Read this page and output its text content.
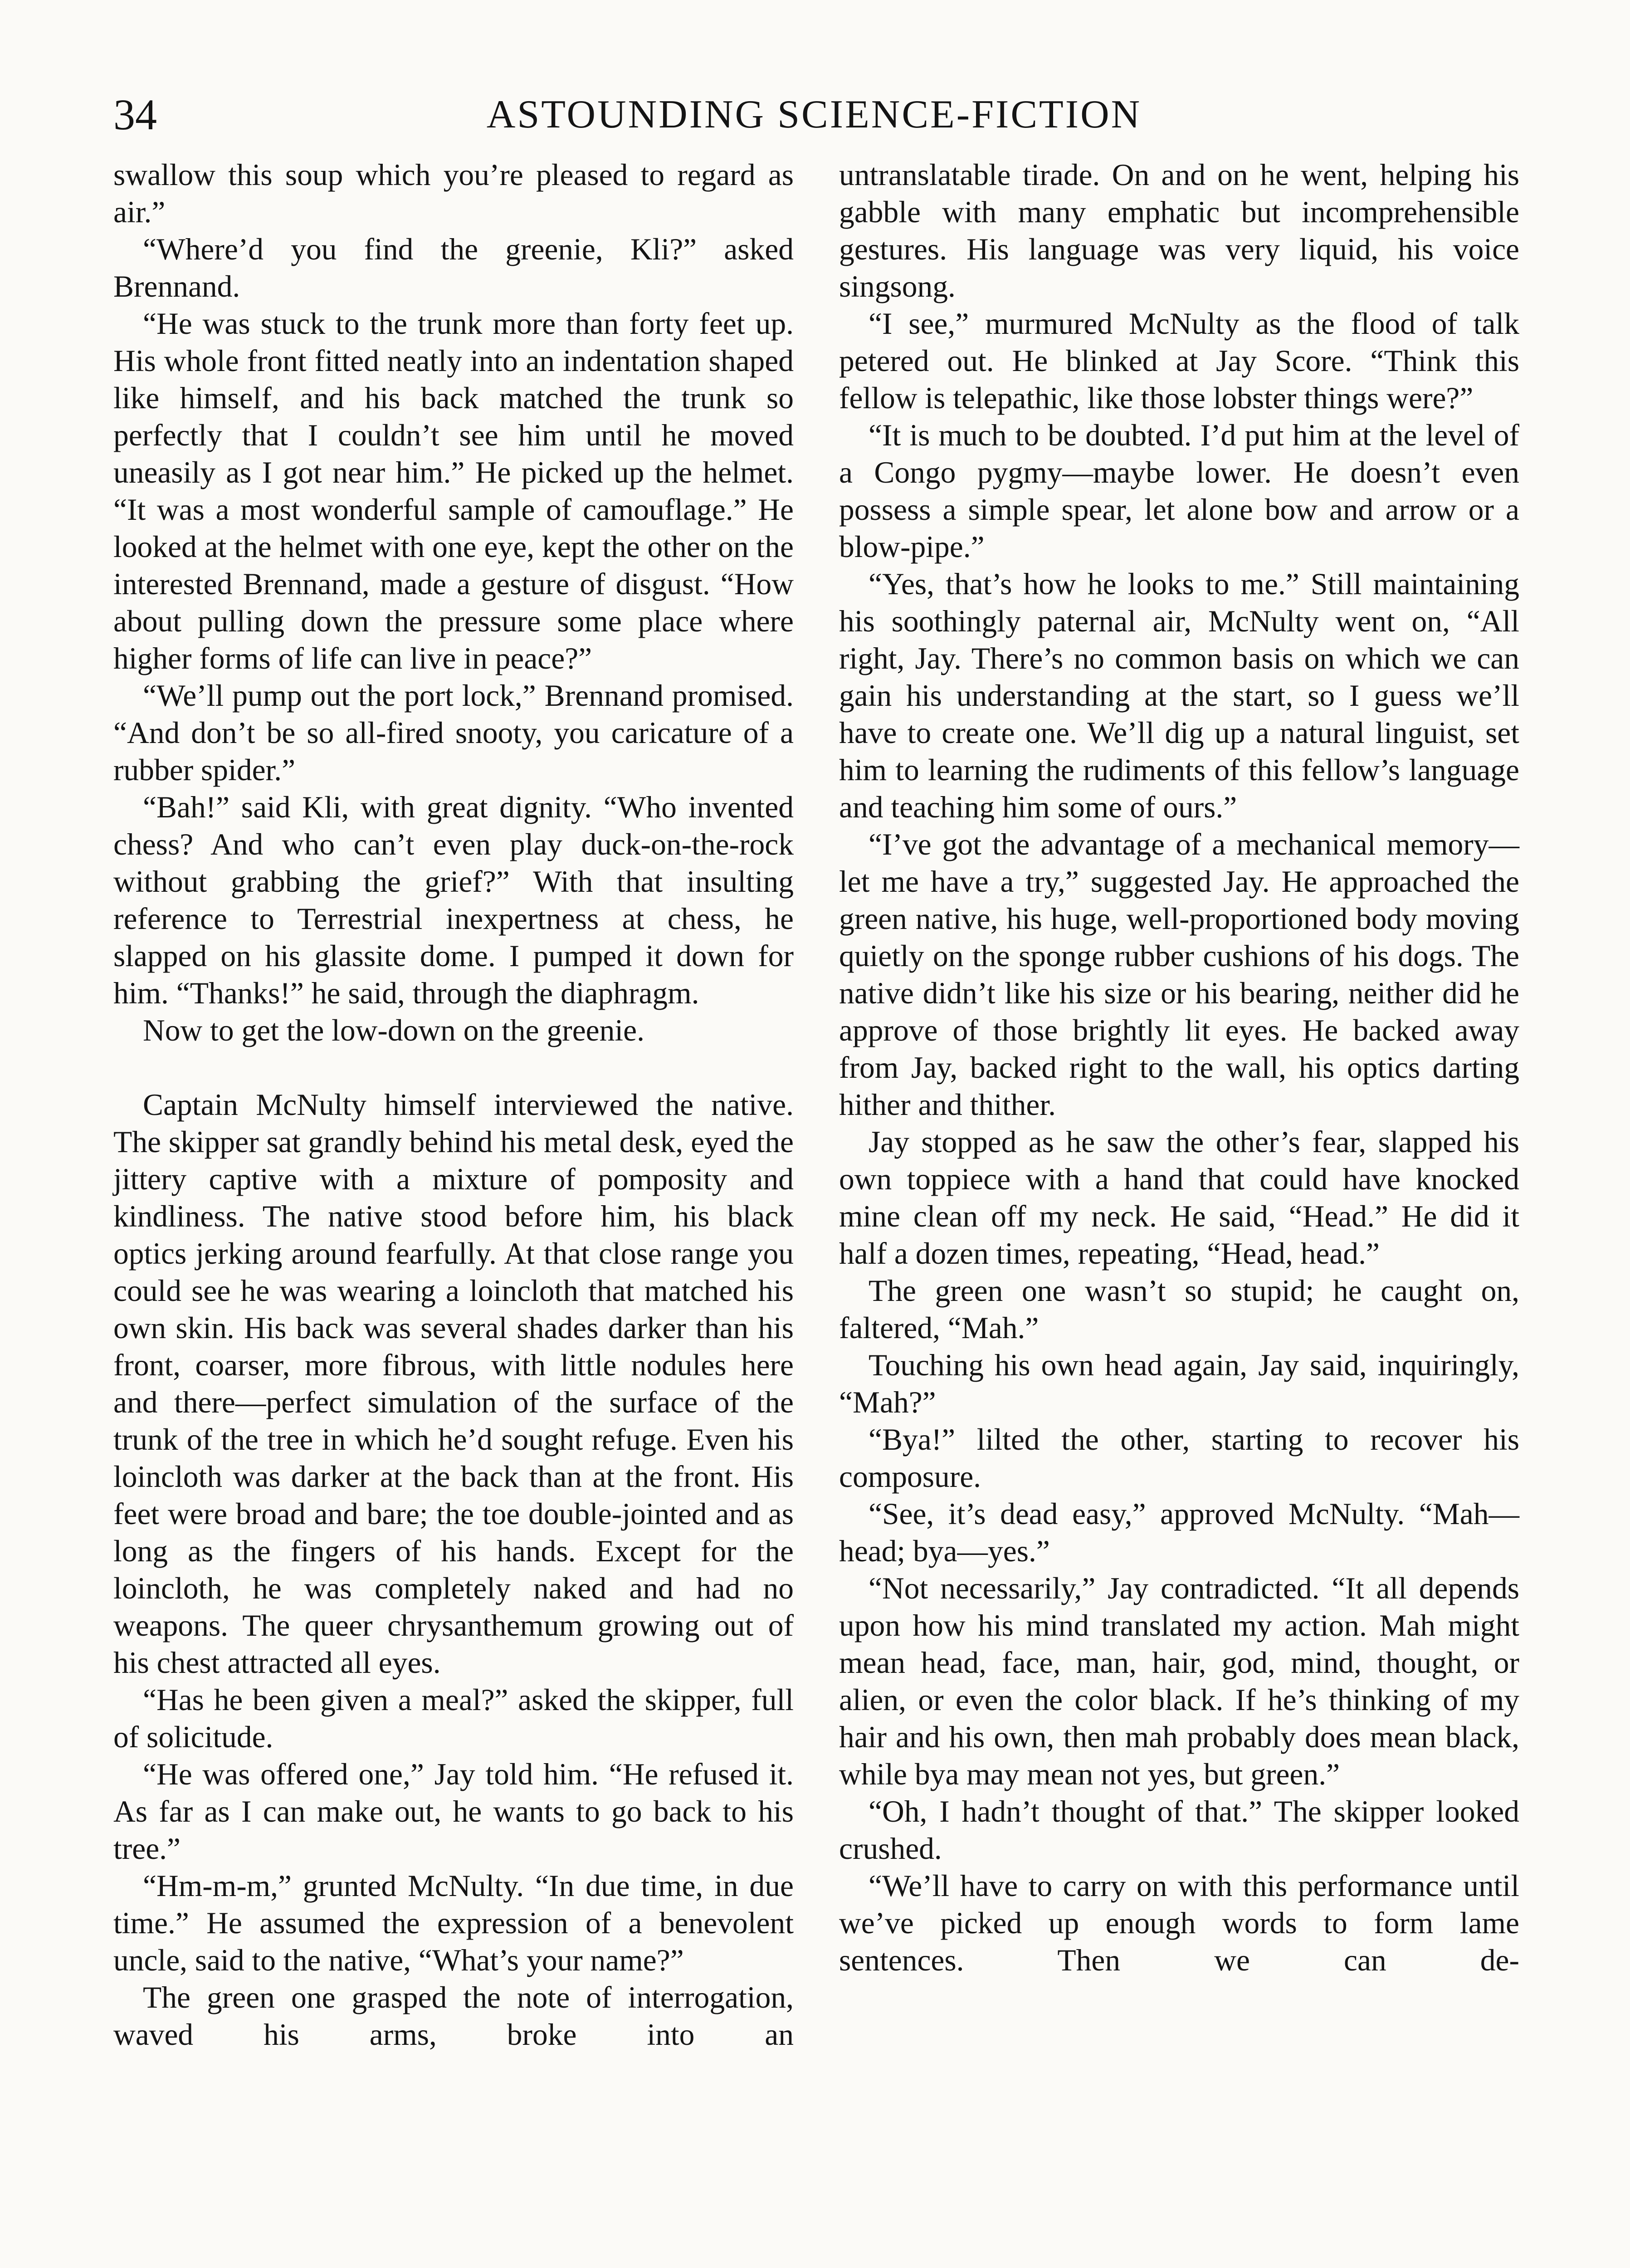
34	ASTOUNDING SCIENCE-FICTION

swallow this soup which you’re pleased to regard as air.”

“Where’d you find the greenie, Kli?” asked Brennand.

“He was stuck to the trunk more than forty feet up. His whole front fitted neatly into an indentation shaped like himself, and his back matched the trunk so perfectly that I couldn’t see him until he moved uneasily as I got near him.” He picked up the helmet. “It was a most wonderful sample of camouflage.” He looked at the helmet with one eye, kept the other on the interested Brennand, made a gesture of disgust. “How about pulling down the pressure some place where higher forms of life can live in peace?”

“We’ll pump out the port lock,” Brennand promised. “And don’t be so all-fired snooty, you caricature of a rubber spider.”

“Bah!” said Kli, with great dignity. “Who invented chess? And who can’t even play duck-on-the-rock without grabbing the grief?” With that insulting reference to Terrestrial inexpertness at chess, he slapped on his glassite dome. I pumped it down for him. “Thanks!” he said, through the diaphragm.

Now to get the low-down on the greenie.

Captain McNulty himself interviewed the native. The skipper sat grandly behind his metal desk, eyed the jittery captive with a mixture of pomposity and kindliness. The native stood before him, his black optics jerking around fearfully. At that close range you could see he was wearing a loincloth that matched his own skin. His back was several shades darker than his front, coarser, more fibrous, with little nodules here and there—perfect simulation of the surface of the trunk of the tree in which he’d sought refuge. Even his loincloth was darker at the back than at the front. His feet were broad and bare; the toe double-jointed and as long as the fingers of his hands. Except for the loincloth, he was completely naked and had no weapons. The queer chrysanthemum growing out of his chest attracted all eyes.

“Has he been given a meal?” asked the skipper, full of solicitude.

“He was offered one,” Jay told him. “He refused it. As far as I can make out, he wants to go back to his tree.”

“Hm-m-m,” grunted McNulty. “In due time, in due time.” He assumed the expression of a benevolent uncle, said to the native, “What’s your name?”

The green one grasped the note of interrogation, waved his arms, broke into an

untranslatable tirade. On and on he went, helping his gabble with many emphatic but incomprehensible gestures. His language was very liquid, his voice singsong.

“I see,” murmured McNulty as the flood of talk petered out. He blinked at Jay Score. “Think this fellow is telepathic, like those lobster things were?”

“It is much to be doubted. I’d put him at the level of a Congo pygmy—maybe lower. He doesn’t even possess a simple spear, let alone bow and arrow or a blow-pipe.”

“Yes, that’s how he looks to me.” Still maintaining his soothingly paternal air, McNulty went on, “All right, Jay. There’s no common basis on which we can gain his understanding at the start, so I guess we’ll have to create one. We’ll dig up a natural linguist, set him to learning the rudiments of this fellow’s language and teaching him some of ours.”

“I’ve got the advantage of a mechanical memory—let me have a try,” suggested Jay. He approached the green native, his huge, well-proportioned body moving quietly on the sponge rubber cushions of his dogs. The native didn’t like his size or his bearing, neither did he approve of those brightly lit eyes. He backed away from Jay, backed right to the wall, his optics darting hither and thither.

Jay stopped as he saw the other’s fear, slapped his own toppiece with a hand that could have knocked mine clean off my neck. He said, “Head.” He did it half a dozen times, repeating, “Head, head.”

The green one wasn’t so stupid; he caught on, faltered, “Mah.”

Touching his own head again, Jay said, inquiringly, “Mah?”

“Bya!” lilted the other, starting to recover his composure.

“See, it’s dead easy,” approved McNulty. “Mah—head; bya—yes.”

“Not necessarily,” Jay contradicted. “It all depends upon how his mind translated my action. Mah might mean head, face, man, hair, god, mind, thought, or alien, or even the color black. If he’s thinking of my hair and his own, then mah probably does mean black, while bya may mean not yes, but green.”

“Oh, I hadn’t thought of that.” The skipper looked crushed.

“We’ll have to carry on with this performance until we’ve picked up enough words to form lame sentences. Then we can de-
